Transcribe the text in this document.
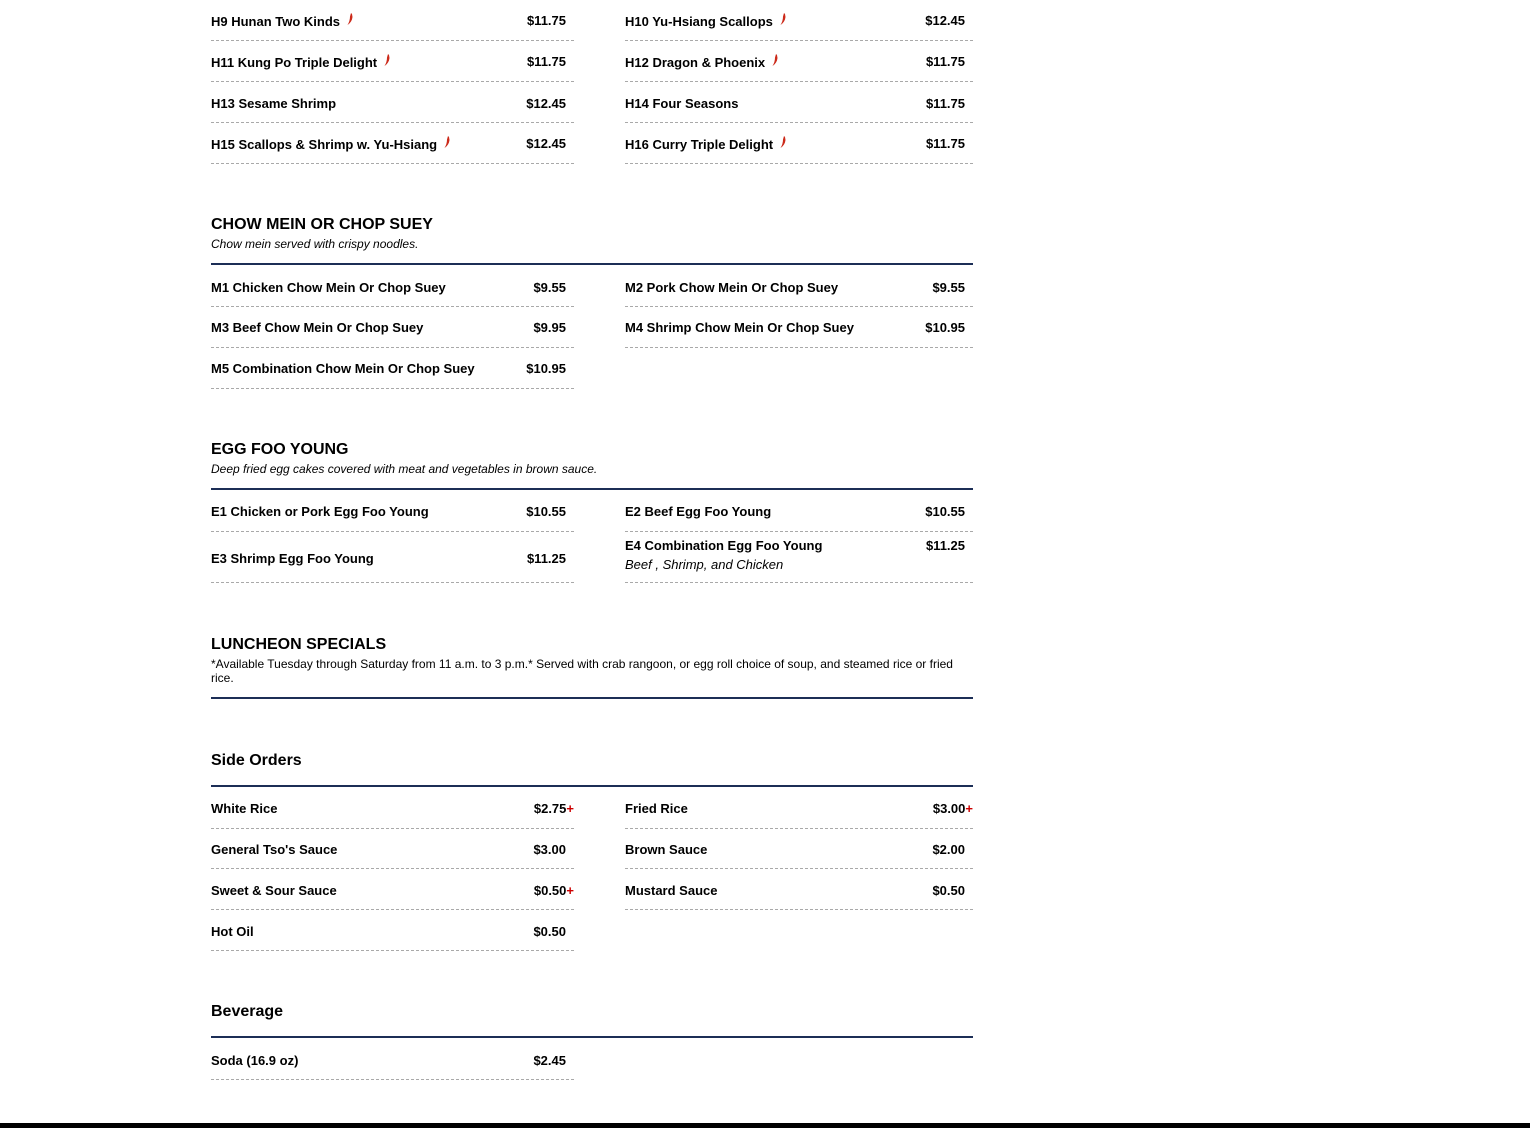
H9 Hunan Two Kinds	$11.75	H10 Yu-Hsiang Scallops	$12.45
H11 Kung Po Triple Delight	$11.75	H12 Dragon & Phoenix	$11.75
H13 Sesame Shrimp	$12.45	H14 Four Seasons	$11.75
H15 Scallops & Shrimp w. Yu-Hsiang	$12.45	H16 Curry Triple Delight	$11.75
CHOW MEIN OR CHOP SUEY
Chow mein served with crispy noodles.
M1 Chicken Chow Mein Or Chop Suey	$9.55	M2 Pork Chow Mein Or Chop Suey	$9.55
M3 Beef Chow Mein Or Chop Suey	$9.95	M4 Shrimp Chow Mein Or Chop Suey	$10.95
M5 Combination Chow Mein Or Chop Suey	$10.95
EGG FOO YOUNG
Deep fried egg cakes covered with meat and vegetables in brown sauce.
E1 Chicken or Pork Egg Foo Young	$10.55	E2 Beef Egg Foo Young	$10.55
E3 Shrimp Egg Foo Young	$11.25
E4 Combination Egg Foo Young	$11.25
Beef , Shrimp, and Chicken
LUNCHEON SPECIALS
*Available Tuesday through Saturday from 11 a.m. to 3 p.m.* Served with crab rangoon, or egg roll choice of soup, and steamed rice or fried rice.
Side Orders
White Rice	$2.75+	Fried Rice	$3.00+
General Tso's Sauce	$3.00	Brown Sauce	$2.00
Sweet & Sour Sauce	$0.50+	Mustard Sauce	$0.50
Hot Oil	$0.50
Beverage
Soda (16.9 oz)	$2.45
